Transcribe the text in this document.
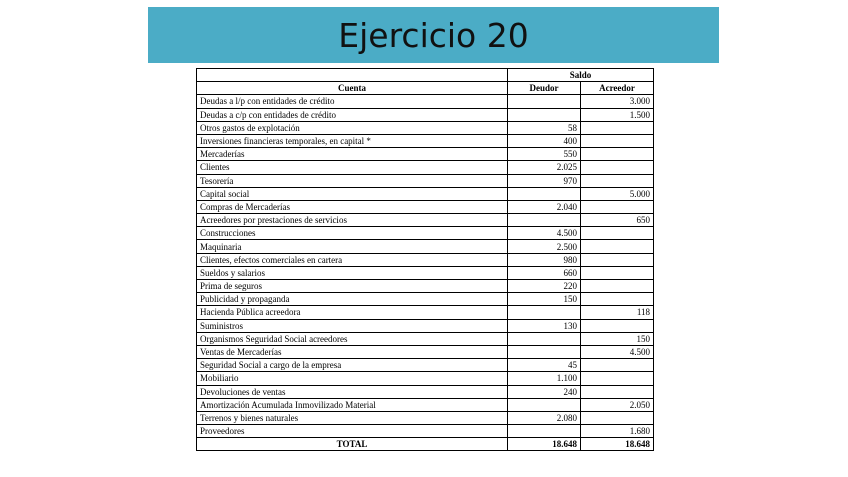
Ejercicio 20
	Saldo	
Cuenta	Deudor	Acreedor
Deudas a l/p con entidades de crédito		3.000
Deudas a c/p con entidades de crédito		1.500
Otros gastos de explotación	58	
Inversiones financieras temporales, en capital *	400	
Mercaderías	550	
Clientes	2.025	
Tesorería	970	
Capital social		5.000
Compras de Mercaderías	2.040	
Acreedores por prestaciones de servicios		650
Construcciones	4.500	
Maquinaria	2.500	
Clientes, efectos comerciales en cartera	980	
Sueldos y salarios	660	
Prima de seguros	220	
Publicidad y propaganda	150	
Hacienda Pública acreedora		118
Suministros	130	
Organismos Seguridad Social acreedores		150
Ventas de Mercaderías		4.500
Seguridad Social a cargo de la empresa	45	
Mobiliario	1.100	
Devoluciones de ventas	240	
Amortización Acumulada Inmovilizado Material		2.050
Terrenos y bienes naturales	2.080	
Proveedores		1.680
TOTAL	18.648	18.648
